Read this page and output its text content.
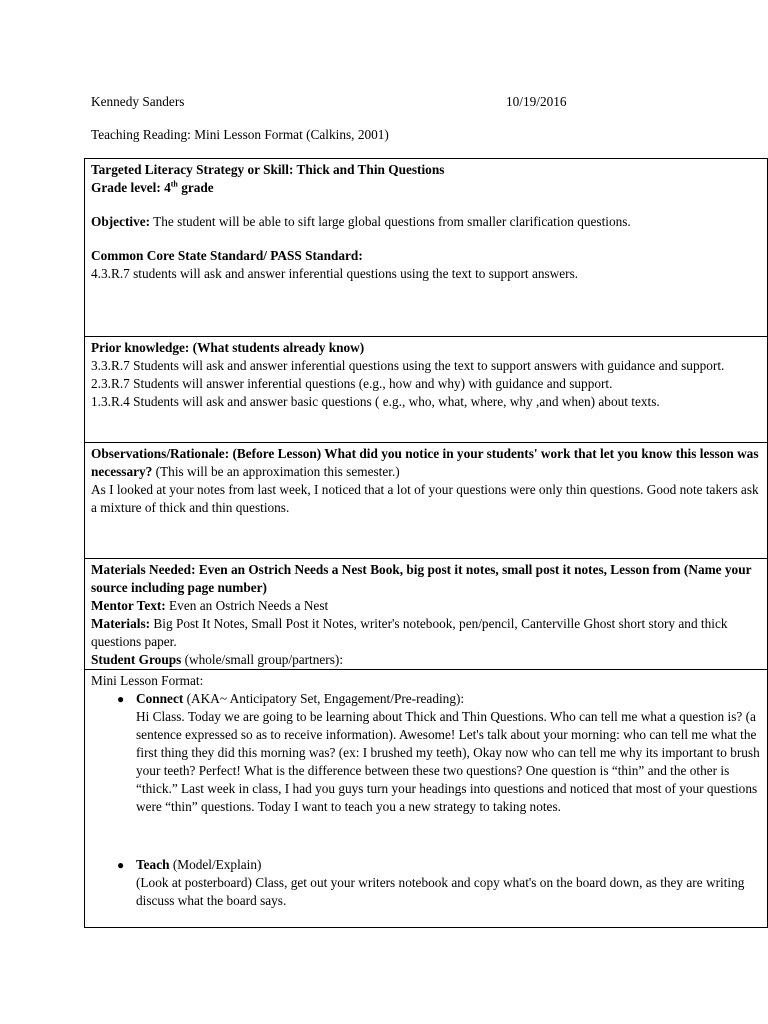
Kennedy Sanders	10/19/2016
Teaching Reading: Mini Lesson Format (Calkins, 2001)

Targeted Literacy Strategy or Skill: Thick and Thin Questions

Grade level: 4th grade

Objective: The student will be able to sift large global questions from smaller clarification questions.

Common Core State Standard/ PASS Standard:

4.3.R.7 students will ask and answer inferential questions using the text to support answers.

Prior knowledge: (What students already know)

3.3.R.7 Students will ask and answer inferential questions using the text to support answers with guidance and support.

2.3.R.7 Students will answer inferential questions (e.g., how and why) with guidance and support.

1.3.R.4 Students will ask and answer basic questions ( e.g., who, what, where, why ,and when) about texts.

Observations/Rationale: (Before Lesson) What did you notice in your students' work that let you know this lesson was necessary? (This will be an approximation this semester.)

As I looked at your notes from last week, I noticed that a lot of your questions were only thin questions. Good note takers ask a mixture of thick and thin questions.

Materials Needed: Even an Ostrich Needs a Nest Book, big post it notes, small post it notes, Lesson from (Name your source including page number)

Mentor Text: Even an Ostrich Needs a Nest

Materials: Big Post It Notes, Small Post it Notes, writer's notebook, pen/pencil, Canterville Ghost short story and thick questions paper.

Student Groups (whole/small group/partners):

Mini Lesson Format:

● Connect (AKA~ Anticipatory Set, Engagement/Pre-reading):

Hi Class. Today we are going to be learning about Thick and Thin Questions. Who can tell me what a question is? (a sentence expressed so as to receive information). Awesome! Let's talk about your morning: who can tell me what the first thing they did this morning was? (ex: I brushed my teeth), Okay now who can tell me why its important to brush your teeth? Perfect! What is the difference between these two questions? One question is “thin” and the other is “thick.” Last week in class, I had you guys turn your headings into questions and noticed that most of your questions were “thin” questions. Today I want to teach you a new strategy to taking notes.

● Teach (Model/Explain)

(Look at posterboard) Class, get out your writers notebook and copy what's on the board down, as they are writing discuss what the board says.
